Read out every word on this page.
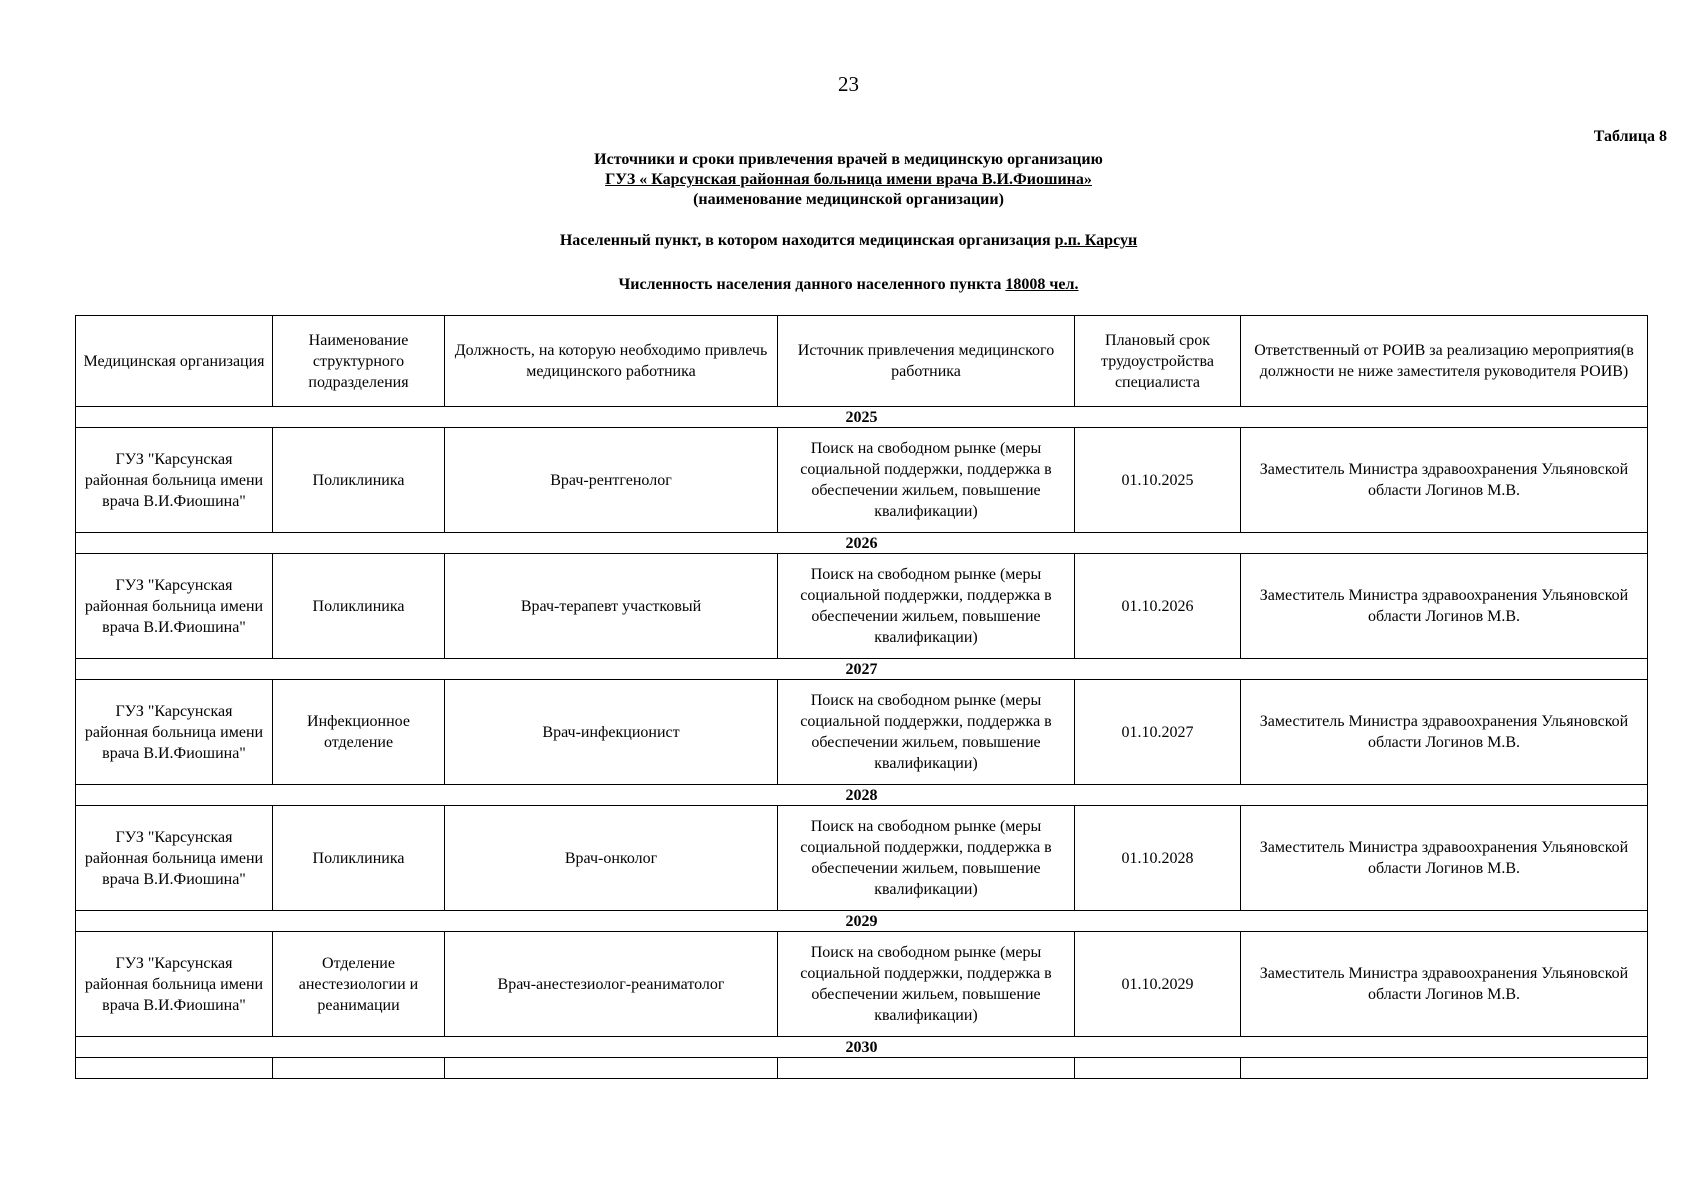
23
Таблица 8
Источники и сроки привлечения врачей в медицинскую организацию
ГУЗ « Карсунская районная больница имени врача В.И.Фиошина»
(наименование медицинской организации)
Населенный пункт, в котором находится медицинская организация р.п. Карсун
Численность населения данного населенного пункта 18008 чел.
Медицинская организация	Наименование структурного подразделения	Должность, на которую необходимо привлечь медицинского работника	Источник привлечения медицинского работника	Плановый срок трудоустройства специалиста	Ответственный от РОИВ за реализацию мероприятия(в должности не ниже заместителя руководителя РОИВ)
2025					
ГУЗ "Карсунская районная больница имени врача В.И.Фиошина"	Поликлиника	Врач-рентгенолог	Поиск на свободном рынке (меры социальной поддержки, поддержка в обеспечении жильем, повышение квалификации)	01.10.2025	Заместитель Министра здравоохранения Ульяновской области Логинов М.В.
2026					
ГУЗ "Карсунская районная больница имени врача В.И.Фиошина"	Поликлиника	Врач-терапевт участковый	Поиск на свободном рынке (меры социальной поддержки, поддержка в обеспечении жильем, повышение квалификации)	01.10.2026	Заместитель Министра здравоохранения Ульяновской области Логинов М.В.
2027					
ГУЗ "Карсунская районная больница имени врача В.И.Фиошина"	Инфекционное отделение	Врач-инфекционист	Поиск на свободном рынке (меры социальной поддержки, поддержка в обеспечении жильем, повышение квалификации)	01.10.2027	Заместитель Министра здравоохранения Ульяновской области Логинов М.В.
2028					
ГУЗ "Карсунская районная больница имени врача В.И.Фиошина"	Поликлиника	Врач-онколог	Поиск на свободном рынке (меры социальной поддержки, поддержка в обеспечении жильем, повышение квалификации)	01.10.2028	Заместитель Министра здравоохранения Ульяновской области Логинов М.В.
2029					
ГУЗ "Карсунская районная больница имени врача В.И.Фиошина"	Отделение анестезиологии и реанимации	Врач-анестезиолог-реаниматолог	Поиск на свободном рынке (меры социальной поддержки, поддержка в обеспечении жильем, повышение квалификации)	01.10.2029	Заместитель Министра здравоохранения Ульяновской области Логинов М.В.
2030					
